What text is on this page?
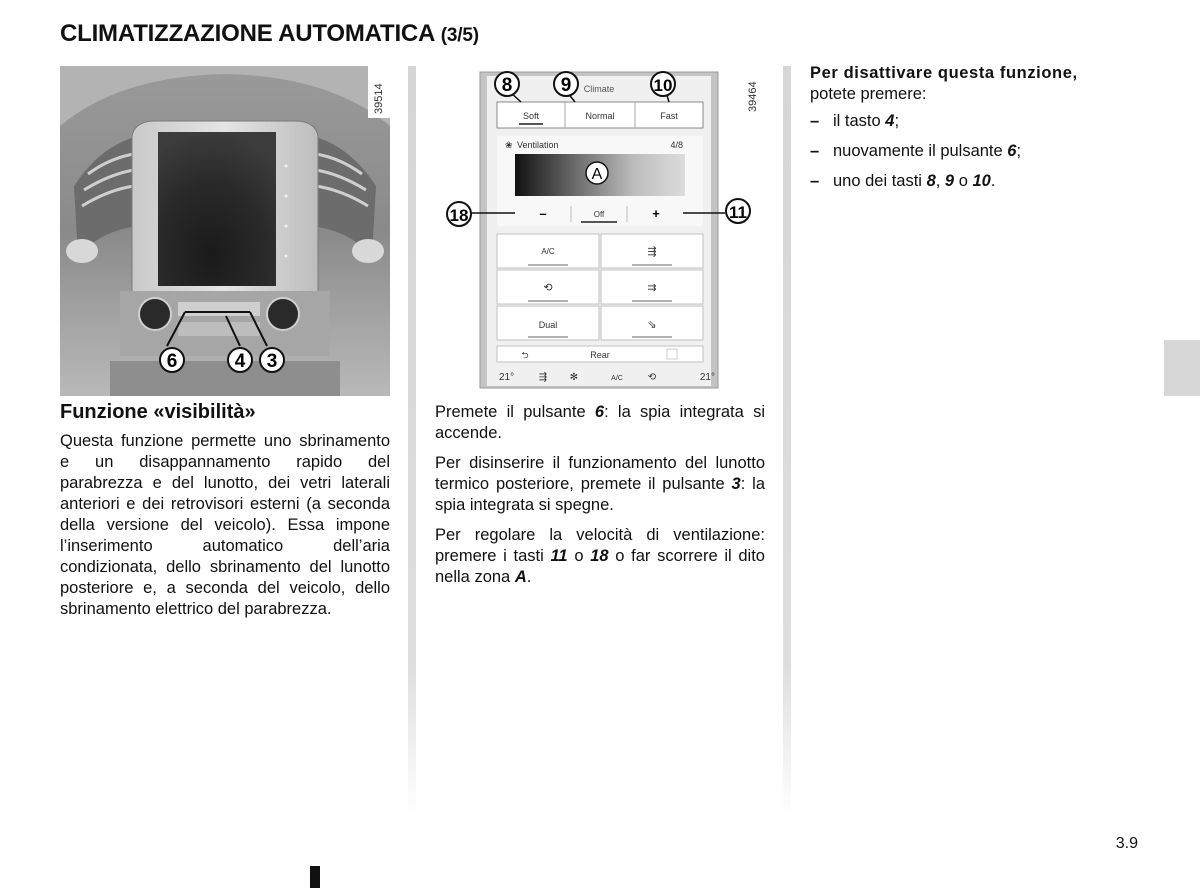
CLIMATIZZAZIONE AUTOMATICA (3/5)
6	4 3
39514	Climate
Soft	Normal	Fast
8	9	10
❀ Ventilation	4/8
A
–	Off	+
18	11
A/C	⇶
⟲	⇉
Dual	⇘
⮌	Rear
21° ⇶ ✻	A/C ⟲	21°
39464
Funzione «visibilità»

Questa funzione permette uno sbrinamento e un disappannamento rapido del parabrezza e del lunotto, dei vetri laterali anteriori e dei retrovisori esterni (a seconda della versione del veicolo). Essa impone l’inserimento automatico dell’aria condizionata, dello sbrinamento del lunotto posteriore e, a seconda del veicolo, dello sbrinamento elettrico del parabrezza.

Premete il pulsante 6: la spia integrata si accende.

Per disinserire il funzionamento del lunotto termico posteriore, premete il pulsante 3: la spia integrata si spegne.

Per regolare la velocità di ventilazione: premere i tasti 11 o 18 o far scorrere il dito nella zona A.

Per disattivare questa funzione,
potete premere:
– il tasto 4;
– nuovamente il pulsante 6;
– uno dei tasti 8, 9 o 10.
3.9
